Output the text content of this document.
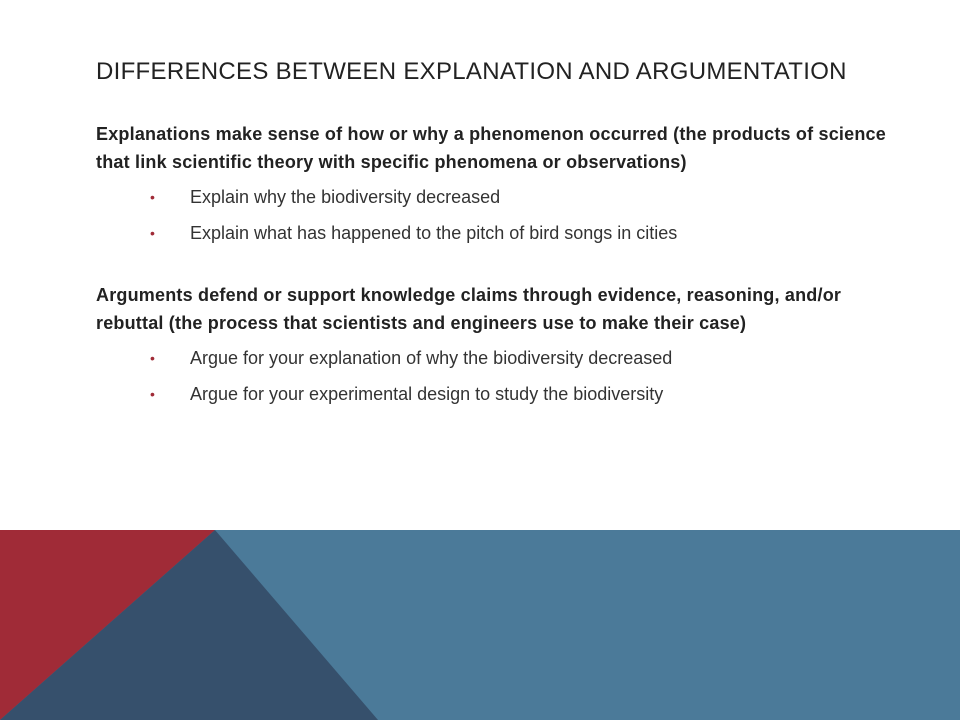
DIFFERENCES BETWEEN EXPLANATION AND ARGUMENTATION

Explanations make sense of how or why a phenomenon occurred (the products of science that link scientific theory with specific phenomena or observations)

• Explain why the biodiversity decreased
• Explain what has happened to the pitch of bird songs in cities

Arguments defend or support knowledge claims through evidence, reasoning, and/or rebuttal (the process that scientists and engineers use to make their case)

• Argue for your explanation of why the biodiversity decreased
• Argue for your experimental design to study the biodiversity
